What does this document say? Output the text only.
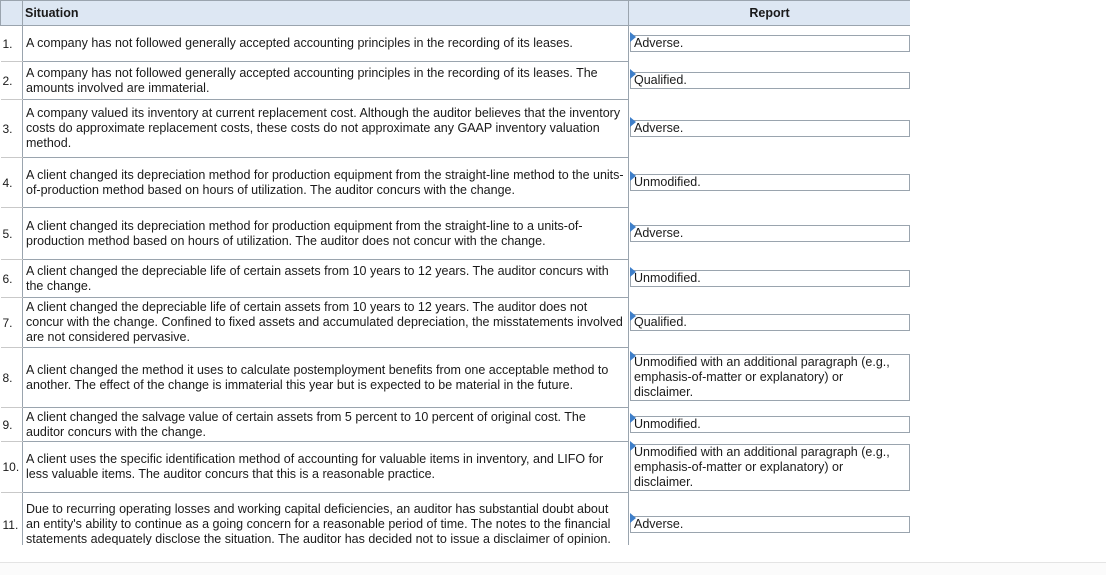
	Situation	Report
1.	A company has not followed generally accepted accounting principles in the recording of its leases.	Adverse.

2.	A company has not followed generally accepted accounting principles in the recording of its leases. The amounts involved are immaterial.	Qualified.

3.	A company valued its inventory at current replacement cost. Although the auditor believes that the inventory costs do approximate replacement costs, these costs do not approximate any GAAP inventory valuation method.	Adverse.

4.	A client changed its depreciation method for production equipment from the straight-line method to the units-of-production method based on hours of utilization. The auditor concurs with the change.	Unmodified.

5.	A client changed its depreciation method for production equipment from the straight-line to a units-of-production method based on hours of utilization. The auditor does not concur with the change.	Adverse.

6.	A client changed the depreciable life of certain assets from 10 years to 12 years. The auditor concurs with the change.	Unmodified.

7.	A client changed the depreciable life of certain assets from 10 years to 12 years. The auditor does not concur with the change. Confined to fixed assets and accumulated depreciation, the misstatements involved are not considered pervasive.	Qualified.

8.	A client changed the method it uses to calculate postemployment benefits from one acceptable method to another. The effect of the change is immaterial this year but is expected to be material in the future.	Unmodified with an additional paragraph (e.g., emphasis-of-matter or explanatory) or disclaimer.

9.	A client changed the salvage value of certain assets from 5 percent to 10 percent of original cost. The auditor concurs with the change.	Unmodified.

10.	A client uses the specific identification method of accounting for valuable items in inventory, and LIFO for less valuable items. The auditor concurs that this is a reasonable practice.	Unmodified with an additional paragraph (e.g., emphasis-of-matter or explanatory) or disclaimer.

11.	Due to recurring operating losses and working capital deficiencies, an auditor has substantial doubt about an entity's ability to continue as a going concern for a reasonable period of time. The notes to the financial statements adequately disclose the situation. The auditor has decided not to issue a disclaimer of opinion.	Adverse.
